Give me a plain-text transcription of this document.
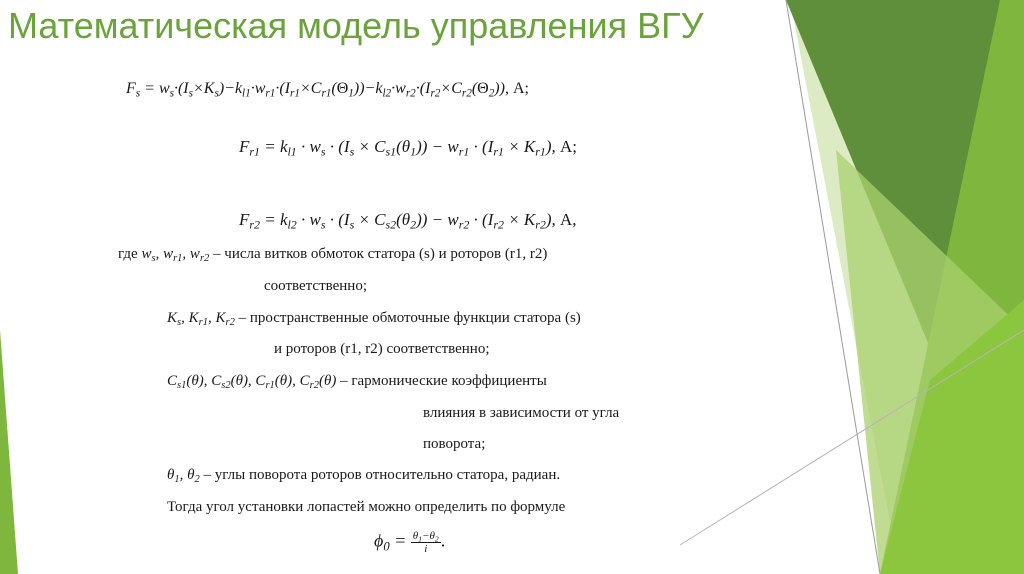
Математическая модель управления ВГУ
$F_s = w_s\cdot(I_s\times K_s)-k_{l1}\cdot w_{r1}\cdot(I_{r1}\times C_{r1}(\Theta_1))-k_{l2}\cdot w_{r2}\cdot(I_{r2}\times C_{r2}(\Theta_2))$, A;
$F_{r1} = k_{l1} \cdot w_s \cdot (I_s \times C_{s1}(\theta_1)) - w_{r1} \cdot (I_{r1} \times K_{r1})$, A;
$F_{r2} = k_{l2} \cdot w_s \cdot (I_s \times C_{s2}(\theta_2)) - w_{r2} \cdot (I_{r2} \times K_{r2})$, A,
где $w_s$, $w_{r1}$, $w_{r2}$ – числа витков обмоток статора (s) и роторов (r1, r2)
соответственно;
$K_s$, $K_{r1}$, $K_{r2}$ – пространственные обмоточные функции статора (s)
и роторов (r1, r2) соответственно;
$C_{s1}(\theta)$, $C_{s2}(\theta)$, $C_{r1}(\theta)$, $C_{r2}(\theta)$ – гармонические коэффициенты
влияния в зависимости от угла
поворота;
$\theta_1$, $\theta_2$ – углы поворота роторов относительно статора, радиан.
Тогда угол установки лопастей можно определить по формуле
$\phi_0 = \frac{\theta_1-\theta_2}{i}$ .
